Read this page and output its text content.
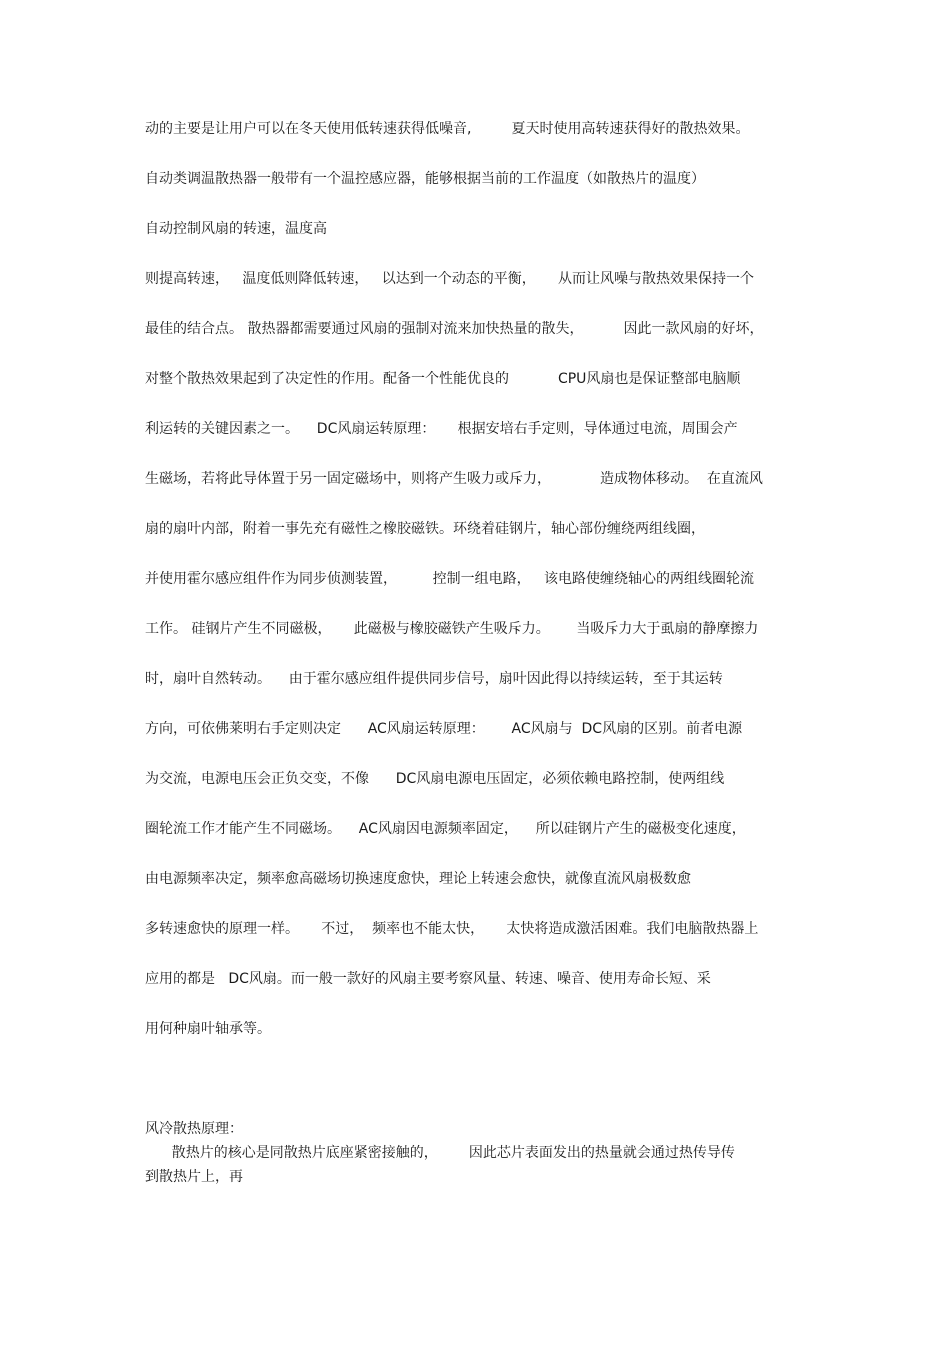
动的主要是让用户可以在冬天使用低转速获得低噪音,         夏天时使用高转速获得好的散热效果。
自动类调温散热器一般带有一个温控感应器，能够根据当前的工作温度（如散热片的温度）
自动控制风扇的转速，温度高
则提高转速，   温度低则降低转速，   以达到一个动态的平衡，     从而让风噪与散热效果保持一个
最佳的结合点。 散热器都需要通过风扇的强制对流来加快热量的散失，         因此一款风扇的好坏，
对整个散热效果起到了决定性的作用。配备一个性能优良的           CPU风扇也是保证整部电脑顺
利运转的关键因素之一。    DC风扇运转原理：     根据安培右手定则，导体通过电流，周围会产
生磁场，若将此导体置于另一固定磁场中，则将产生吸力或斥力，           造成物体移动。  在直流风
扇的扇叶内部，附着一事先充有磁性之橡胶磁铁。环绕着硅钢片，轴心部份缠绕两组线圈，
并使用霍尔感应组件作为同步侦测装置，        控制一组电路，   该电路使缠绕轴心的两组线圈轮流
工作。 硅钢片产生不同磁极，     此磁极与橡胶磁铁产生吸斥力。      当吸斥力大于虱扇的静摩擦力
时，扇叶自然转动。    由于霍尔感应组件提供同步信号，扇叶因此得以持续运转，至于其运转
方向，可依佛莱明右手定则决定      AC风扇运转原理：      AC风扇与  DC风扇的区别。前者电源
为交流，电源电压会正负交变，不像      DC风扇电源电压固定，必须依赖电路控制，使两组线
圈轮流工作才能产生不同磁场。    AC风扇因电源频率固定，    所以硅钢片产生的磁极变化速度，
由电源频率决定，频率愈高磁场切换速度愈快，理论上转速会愈快，就像直流风扇极数愈
多转速愈快的原理一样。     不过，  频率也不能太快，     太快将造成激活困难。我们电脑散热器上
应用的都是   DC风扇。而一般一款好的风扇主要考察风量、转速、噪音、使用寿命长短、采
用何种扇叶轴承等。
风冷散热原理：
散热片的核心是同散热片底座紧密接触的，       因此芯片表面发出的热量就会通过热传导传
到散热片上，再
